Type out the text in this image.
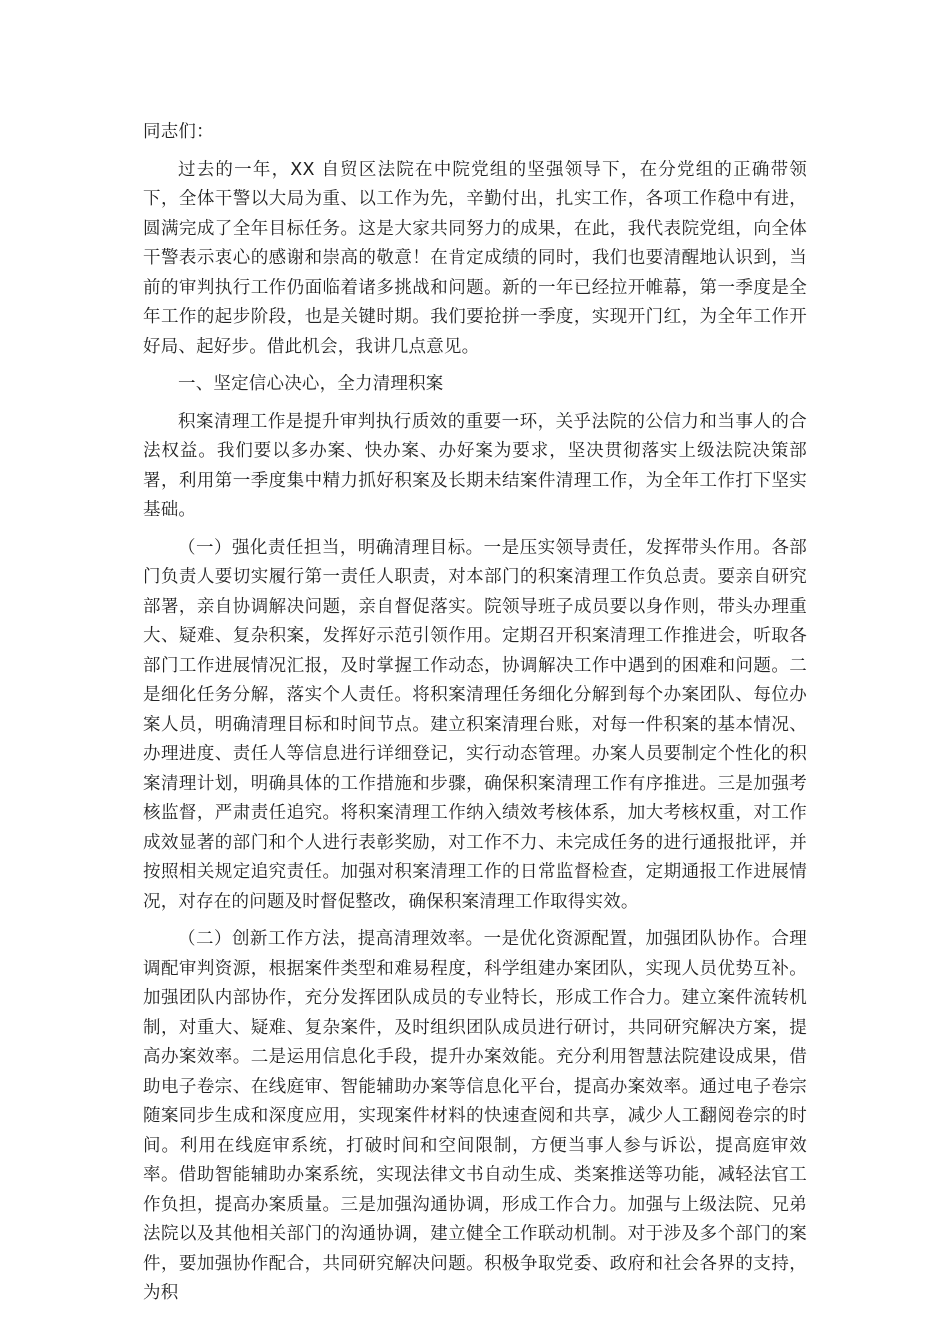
同志们：

过去的一年，XX 自贸区法院在中院党组的坚强领导下，在分党组的正确带领下，全体干警以大局为重、以工作为先，辛勤付出，扎实工作，各项工作稳中有进，圆满完成了全年目标任务。这是大家共同努力的成果，在此，我代表院党组，向全体干警表示衷心的感谢和崇高的敬意！在肯定成绩的同时，我们也要清醒地认识到，当前的审判执行工作仍面临着诸多挑战和问题。新的一年已经拉开帷幕，第一季度是全年工作的起步阶段，也是关键时期。我们要抢拼一季度，实现开门红，为全年工作开好局、起好步。借此机会，我讲几点意见。

一、坚定信心决心，全力清理积案

积案清理工作是提升审判执行质效的重要一环，关乎法院的公信力和当事人的合法权益。我们要以多办案、快办案、办好案为要求，坚决贯彻落实上级法院决策部署，利用第一季度集中精力抓好积案及长期未结案件清理工作，为全年工作打下坚实基础。

（一）强化责任担当，明确清理目标。一是压实领导责任，发挥带头作用。各部门负责人要切实履行第一责任人职责，对本部门的积案清理工作负总责。要亲自研究部署，亲自协调解决问题，亲自督促落实。院领导班子成员要以身作则，带头办理重大、疑难、复杂积案，发挥好示范引领作用。定期召开积案清理工作推进会，听取各部门工作进展情况汇报，及时掌握工作动态，协调解决工作中遇到的困难和问题。二是细化任务分解，落实个人责任。将积案清理任务细化分解到每个办案团队、每位办案人员，明确清理目标和时间节点。建立积案清理台账，对每一件积案的基本情况、办理进度、责任人等信息进行详细登记，实行动态管理。办案人员要制定个性化的积案清理计划，明确具体的工作措施和步骤，确保积案清理工作有序推进。三是加强考核监督，严肃责任追究。将积案清理工作纳入绩效考核体系，加大考核权重，对工作成效显著的部门和个人进行表彰奖励，对工作不力、未完成任务的进行通报批评，并按照相关规定追究责任。加强对积案清理工作的日常监督检查，定期通报工作进展情况，对存在的问题及时督促整改，确保积案清理工作取得实效。

（二）创新工作方法，提高清理效率。一是优化资源配置，加强团队协作。合理调配审判资源，根据案件类型和难易程度，科学组建办案团队，实现人员优势互补。加强团队内部协作，充分发挥团队成员的专业特长，形成工作合力。建立案件流转机制，对重大、疑难、复杂案件，及时组织团队成员进行研讨，共同研究解决方案，提高办案效率。二是运用信息化手段，提升办案效能。充分利用智慧法院建设成果，借助电子卷宗、在线庭审、智能辅助办案等信息化平台，提高办案效率。通过电子卷宗随案同步生成和深度应用，实现案件材料的快速查阅和共享，减少人工翻阅卷宗的时间。利用在线庭审系统，打破时间和空间限制，方便当事人参与诉讼，提高庭审效率。借助智能辅助办案系统，实现法律文书自动生成、类案推送等功能，减轻法官工作负担，提高办案质量。三是加强沟通协调，形成工作合力。加强与上级法院、兄弟法院以及其他相关部门的沟通协调，建立健全工作联动机制。对于涉及多个部门的案件，要加强协作配合，共同研究解决问题。积极争取党委、政府和社会各界的支持，为积
